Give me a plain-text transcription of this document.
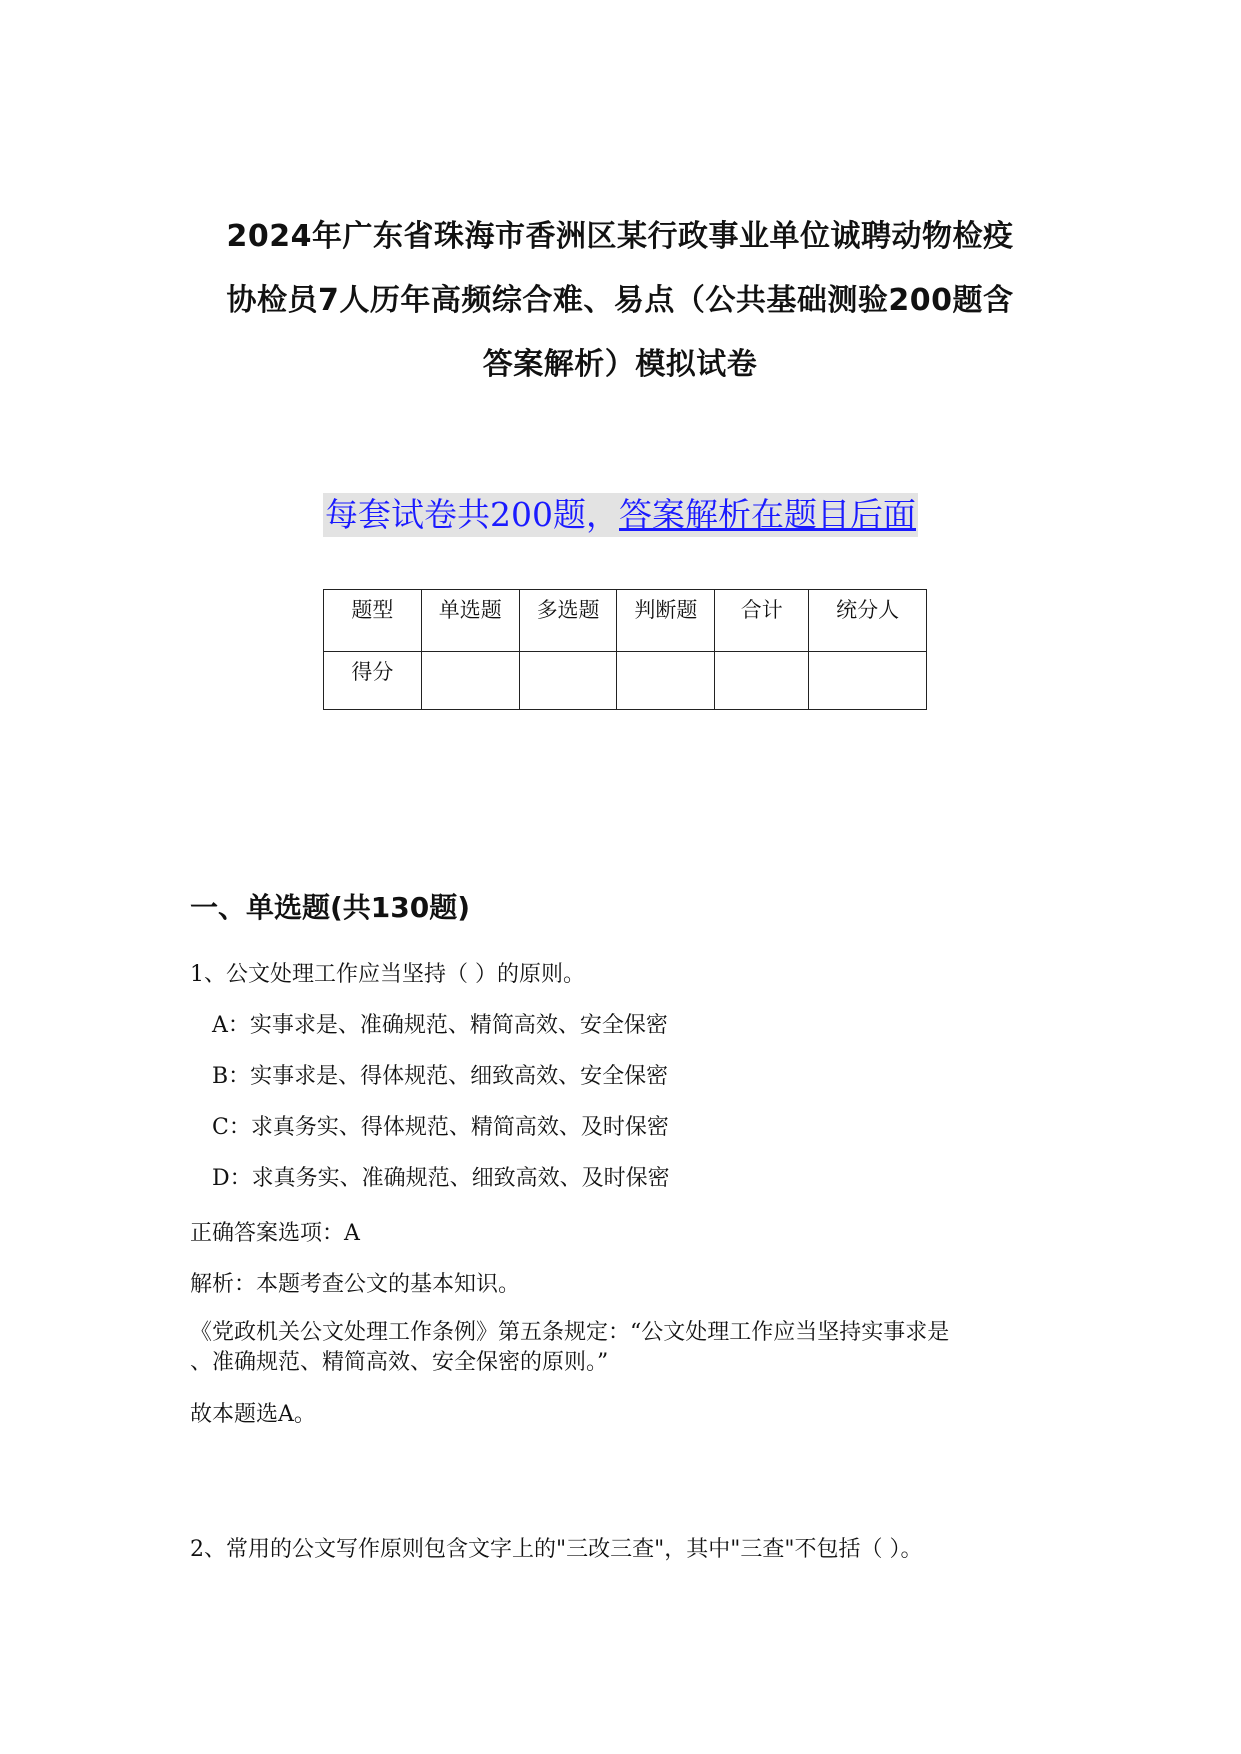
2024年广东省珠海市香洲区某行政事业单位诚聘动物检疫
协检员7人历年高频综合难、易点（公共基础测验200题含
答案解析）模拟试卷
每套试卷共200题，答案解析在题目后面
题型	单选题	多选题	判断题	合计	统分人
得分					
一、单选题(共130题)
1、公文处理工作应当坚持（ ）的原则。
A：实事求是、准确规范、精简高效、安全保密
B：实事求是、得体规范、细致高效、安全保密
C：求真务实、得体规范、精简高效、及时保密
D：求真务实、准确规范、细致高效、及时保密
正确答案选项：A
解析：本题考查公文的基本知识。
《党政机关公文处理工作条例》第五条规定：“公文处理工作应当坚持实事求是
、准确规范、精简高效、安全保密的原则。”
故本题选A。
2、常用的公文写作原则包含文字上的"三改三查"，其中"三查"不包括（ ）。
